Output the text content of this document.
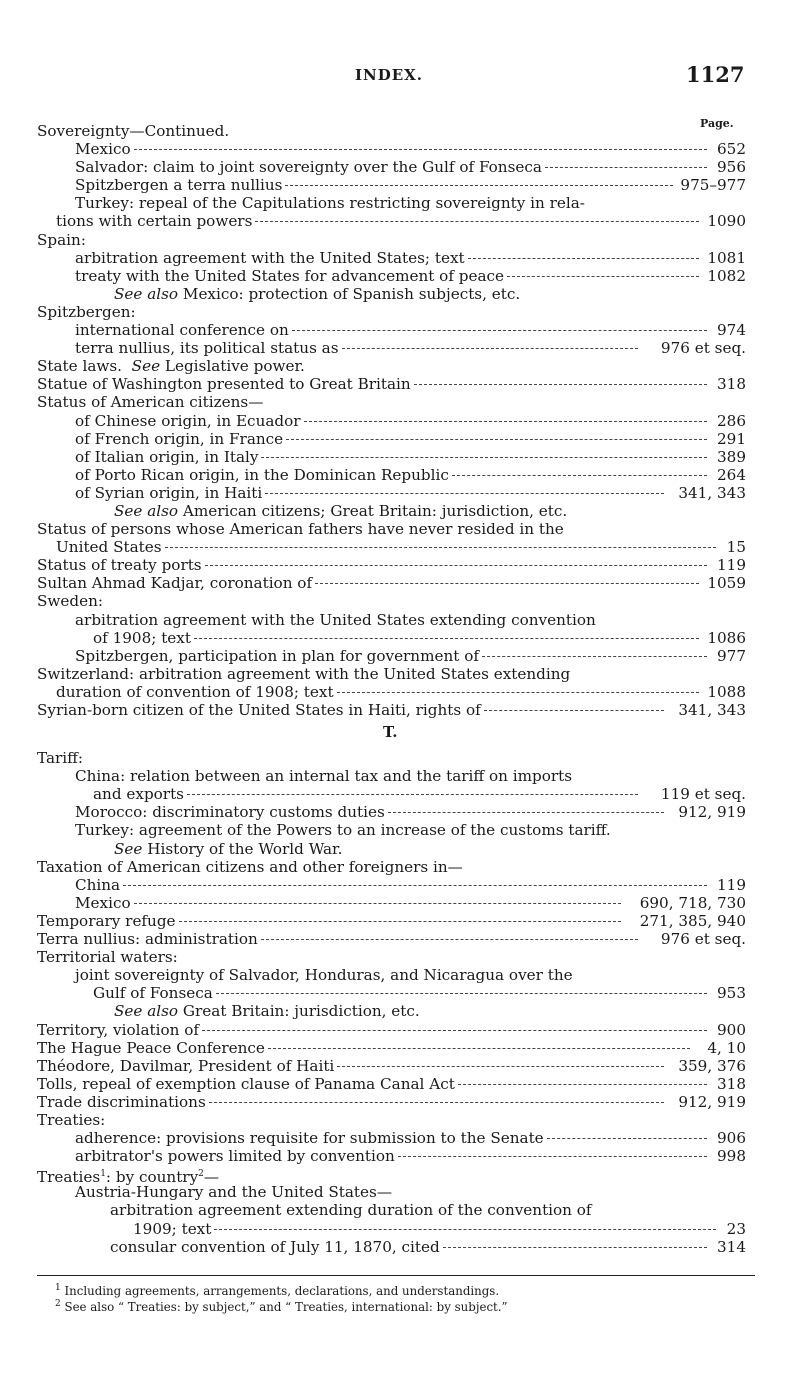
INDEX.	1127
Page.
Sovereignty—Continued.
Mexico	652
Salvador: claim to joint sovereignty over the Gulf of Fonseca	956
Spitzbergen a terra nullius	975–977
Turkey: repeal of the Capitulations restricting sovereignty in rela-
tions with certain powers	1090
Spain:
arbitration agreement with the United States; text	1081
treaty with the United States for advancement of peace	1082
See also Mexico: protection of Spanish subjects, etc.
Spitzbergen:
international conference on	974
terra nullius, its political status as	976 et seq.
State laws.  See Legislative power.
Statue of Washington presented to Great Britain	318
Status of American citizens—
of Chinese origin, in Ecuador	286
of French origin, in France	291
of Italian origin, in Italy	389
of Porto Rican origin, in the Dominican Republic	264
of Syrian origin, in Haiti	341, 343
See also American citizens; Great Britain: jurisdiction, etc.
Status of persons whose American fathers have never resided in the
United States	15
Status of treaty ports	119
Sultan Ahmad Kadjar, coronation of	1059
Sweden:
arbitration agreement with the United States extending convention
of 1908; text	1086
Spitzbergen, participation in plan for government of	977
Switzerland: arbitration agreement with the United States extending
duration of convention of 1908; text	1088
Syrian-born citizen of the United States in Haiti, rights of	341, 343
T.
Tariff:
China: relation between an internal tax and the tariff on imports
and exports	119 et seq.
Morocco: discriminatory customs duties	912, 919
Turkey: agreement of the Powers to an increase of the customs tariff.
See History of the World War.
Taxation of American citizens and other foreigners in—
China	119
Mexico	690, 718, 730
Temporary refuge	271, 385, 940
Terra nullius: administration	976 et seq.
Territorial waters:
joint sovereignty of Salvador, Honduras, and Nicaragua over the
Gulf of Fonseca	953
See also Great Britain: jurisdiction, etc.
Territory, violation of	900
The Hague Peace Conference	4, 10
Théodore, Davilmar, President of Haiti	359, 376
Tolls, repeal of exemption clause of Panama Canal Act	318
Trade discriminations	912, 919
Treaties:
adherence: provisions requisite for submission to the Senate	906
arbitrator's powers limited by convention	998
Treaties$^1$: by country$^2$—
Austria-Hungary and the United States—
arbitration agreement extending duration of the convention of
1909; text	23
consular convention of July 11, 1870, cited	314
$^1$ Including agreements, arrangements, declarations, and understandings.
$^2$ See also “ Treaties: by subject,” and “ Treaties, international: by subject.”
